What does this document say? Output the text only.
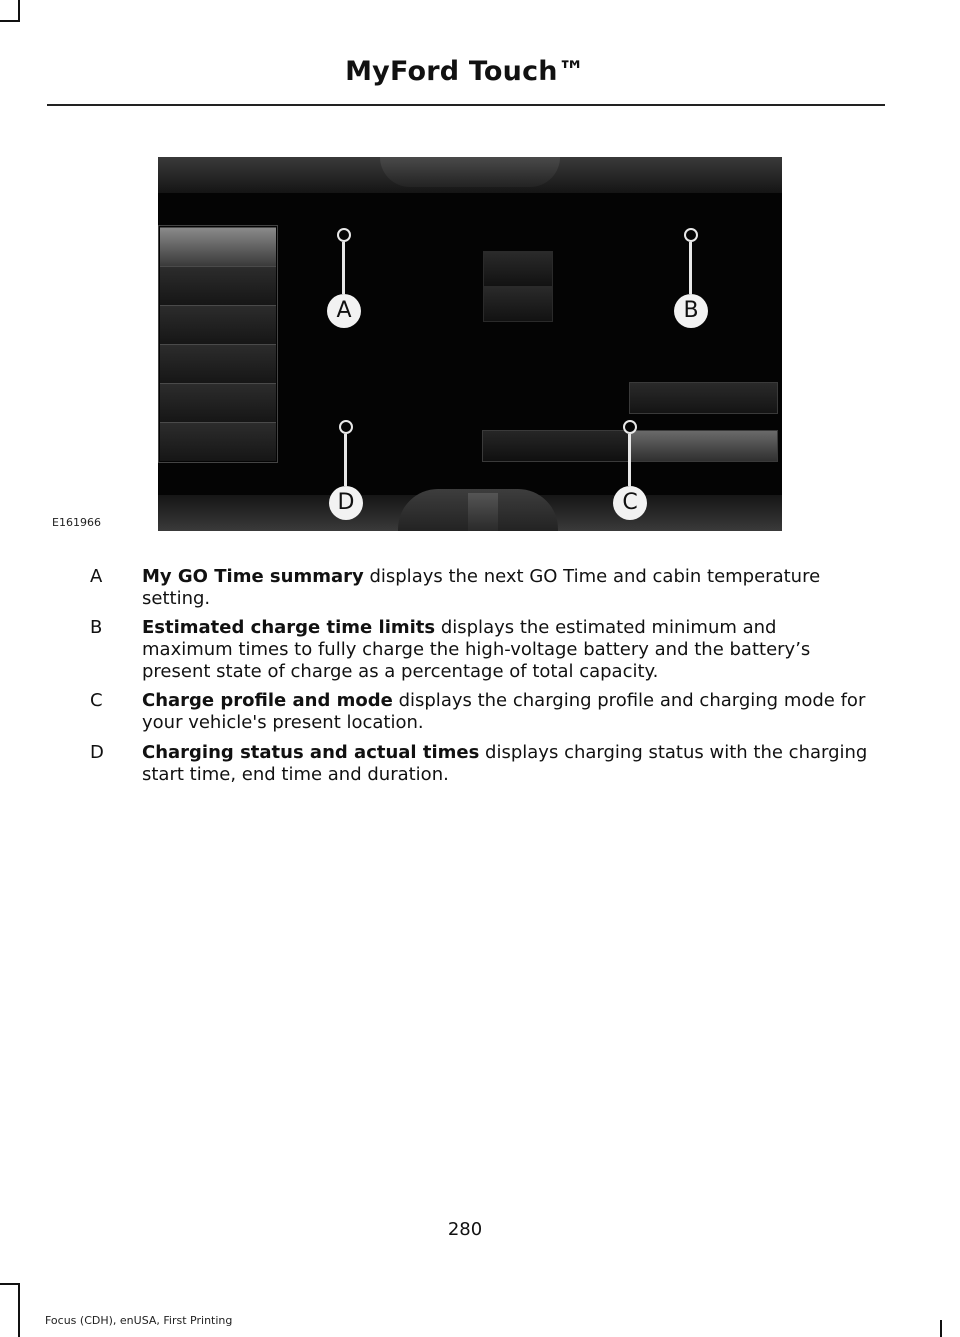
MyFord Touch™
A	B
D	C
E161966
A My GO Time summary displays the next GO Time and cabin temperature setting.
B Estimated charge time limits displays the estimated minimum and maximum times to fully charge the high-voltage battery and the battery’s present state of charge as a percentage of total capacity.
C Charge profile and mode displays the charging profile and charging mode for your vehicle's present location.
D Charging status and actual times displays charging status with the charging start time, end time and duration.
280
Focus (CDH), enUSA, First Printing
